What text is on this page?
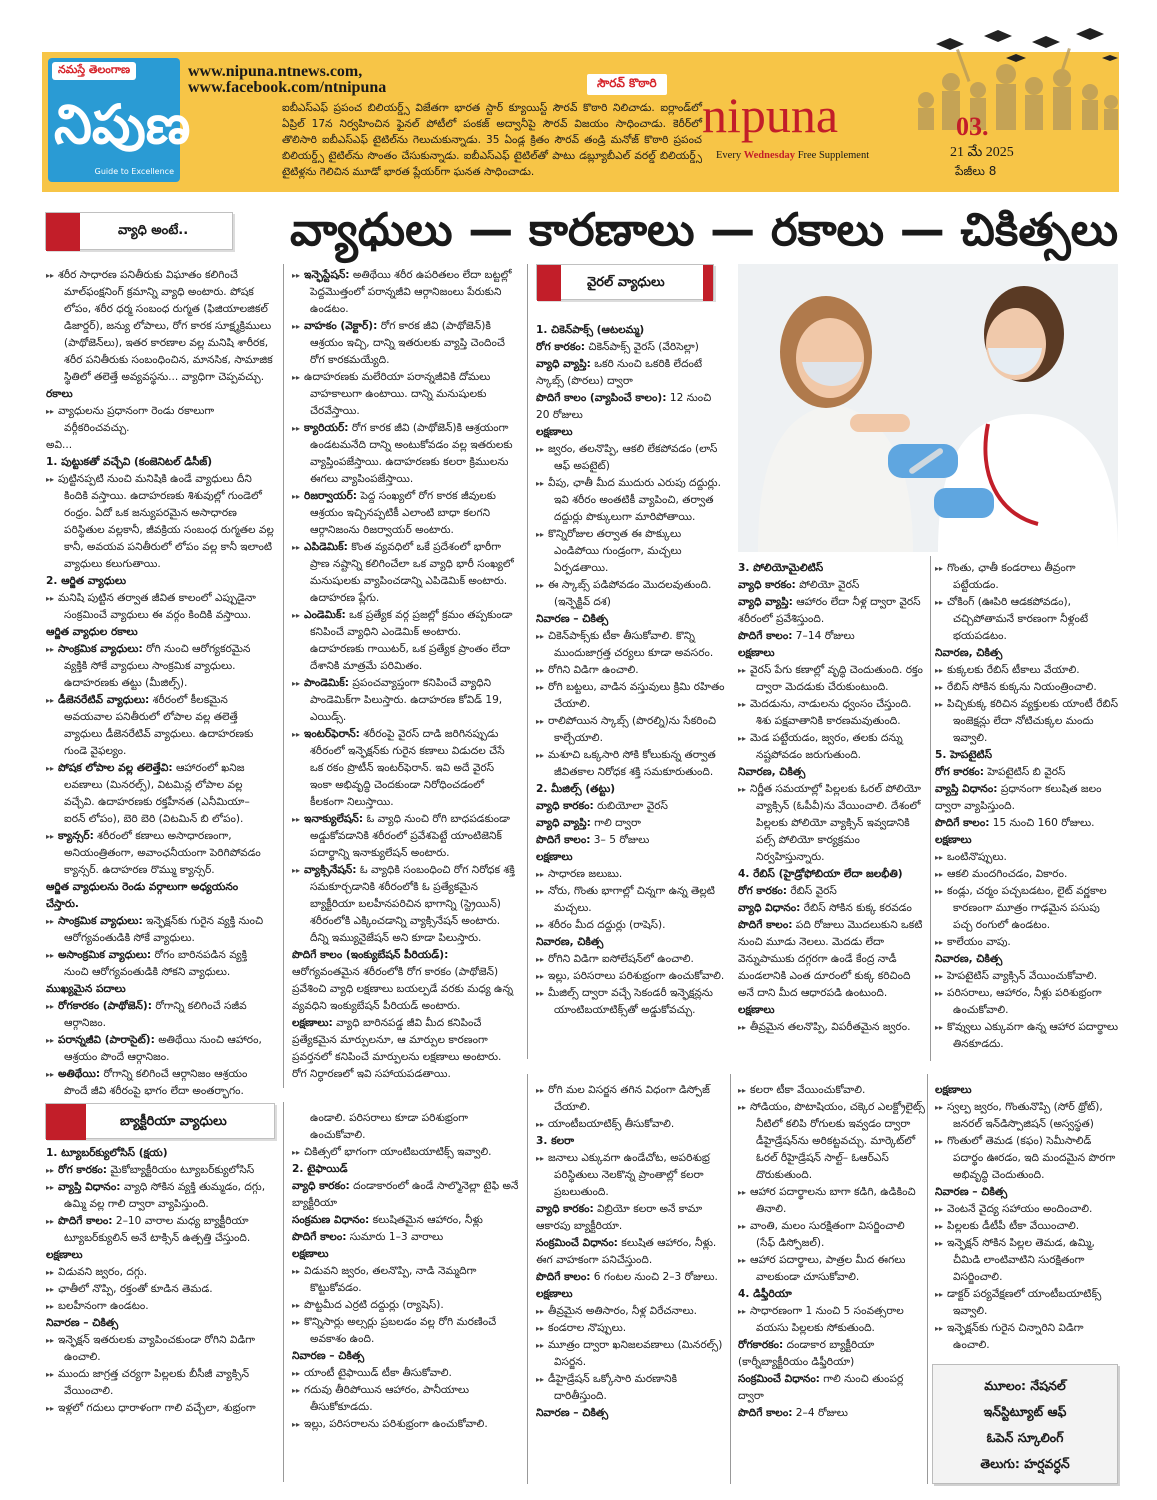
నమస్తే తెలంగాణ
నిపుణ
Guide to Excellence
www.nipuna.ntnews.com,
www.facebook.com/ntnipuna	సౌరవ్ కొఠారి
ఐబీఎస్‌ఎఫ్ ప్రపంచ బిలియర్డ్స్ విజేతగా భారత స్టార్ క్యూయిస్ట్ సౌరవ్ కొఠారి నిలిచాడు. ఐర్లాండ్‌లో ఏప్రిల్ 17న నిర్వహించిన ఫైనల్ పోటీలో పంకజ్ అద్వానీపై సౌరవ్ విజయం సాధించాడు. కెరీర్‌లో తొలిసారి ఐబీఎస్‌ఎఫ్ టైటిల్‌ను గెలుచుకున్నాడు. 35 ఏండ్ల క్రితం సౌరవ్ తండ్రి మనోజ్ కొఠారి ప్రపంచ బిలియర్డ్స్ టైటిల్‌ను సొంతం చేసుకున్నాడు. ఐబీఎస్‌ఎఫ్ టైటిల్‌తో పాటు డబ్ల్యూబీఎల్ వరల్డ్ బిలియర్డ్స్ టైటిళ్లను గెలిచిన మూడో భారత ప్లేయర్‌గా ఘనత సాధించాడు.
nipuna
Every Wednesday Free Supplement
03.
21 మే 2025
పేజీలు 8
వ్యాధి అంటే.. వ్యాధులు — కారణాలు — రకాలు — చికిత్సలు
వైరల్ వ్యాధులు

▸▸ శరీర సాధారణ పనితీరుకు విఘాతం కలిగించే మాల్‌ఫంక్షనింగ్ క్రమాన్ని వ్యాధి అంటారు. పోషక లోపం, శరీర ధర్మ సంబంధ రుగ్మత (ఫిజియాలజికల్ డిజార్డర్), జన్యు లోపాలు, రోగ కారక సూక్ష్మక్రిములు (పాథోజెన్‌లు), ఇతర కారణాల వల్ల మనిషి శారీరక, శరీర పనితీరుకు సంబంధించిన, మానసిక, సామాజిక స్థితిలో తలెత్తే అవ్యవస్థను... వ్యాధిగా చెప్పవచ్చు.

రకాలు

▸▸ వ్యాధులను ప్రధానంగా రెండు రకాలుగా వర్గీకరించవచ్చు.

అవి...

1. పుట్టుకతో వచ్చేవి (కంజెనిటల్ డిసీజ్)

▸▸ పుట్టినప్పటి నుంచి మనిషికి ఉండే వ్యాధులు దీని కిందికి వస్తాయి. ఉదాహరణకు శిశువుల్లో గుండెలో రంధ్రం. ఏదో ఒక జన్యుపరమైన అసాధారణ పరిస్థితుల వల్లకానీ, జీవక్రియ సంబంధ రుగ్మతల వల్ల కానీ, అవయవ పనితీరులో లోపం వల్ల కానీ ఇలాంటి వ్యాధులు కలుగుతాయి.

2. ఆర్జిత వ్యాధులు

▸▸ మనిషి పుట్టిన తర్వాత జీవిత కాలంలో ఎప్పుడైనా సంక్రమించే వ్యాధులు ఈ వర్గం కిందికి వస్తాయి.

ఆర్జిత వ్యాధుల రకాలు

▸▸ సాంక్రమిక వ్యాధులు: రోగి నుంచి ఆరోగ్యకరమైన వ్యక్తికి సోకే వ్యాధులు సాంక్రమిక వ్యాధులు. ఉదాహరణకు తట్టు (మీజిల్స్).

▸▸ డీజెనరేటివ్ వ్యాధులు: శరీరంలో కీలకమైన అవయవాల పనితీరులో లోపాల వల్ల తలెత్తే వ్యాధులు డీజెనరేటివ్ వ్యాధులు. ఉదాహరణకు గుండె వైఫల్యం.

▸▸ పోషక లోపాల వల్ల తలెత్తేవి: ఆహారంలో ఖనిజ లవణాలు (మినరల్స్), విటమిన్ల లోపాల వల్ల వచ్చేవి. ఉదాహరణకు రక్తహీనత (ఎనీమియా– ఐరన్ లోపం), బెరి బెరి (విటమిన్ బి లోపం).

▸▸ క్యాన్సర్: శరీరంలో కణాలు అసాధారణంగా, అనియంత్రితంగా, అవాంఛనీయంగా పెరిగిపోవడం క్యాన్సర్. ఉదాహరణ రొమ్ము క్యాన్సర్.

ఆర్జిత వ్యాధులను రెండు వర్గాలుగా అధ్యయనం చేస్తారు.

▸▸ సాంక్రమిక వ్యాధులు: ఇన్ఫెక్షన్‌కు గురైన వ్యక్తి నుంచి ఆరోగ్యవంతుడికి సోకే వ్యాధులు.

▸▸ అసాంక్రమిక వ్యాధులు: రోగం బారినపడిన వ్యక్తి నుంచి ఆరోగ్యవంతుడికి సోకని వ్యాధులు.

ముఖ్యమైన పదాలు

▸▸ రోగకారకం (పాథోజెన్): రోగాన్ని కలిగించే సజీవ ఆర్గానిజం.

▸▸ పరాన్నజీవి (పారాసైట్): అతిథేయి నుంచి ఆహారం, ఆశ్రయం పొందే ఆర్గానిజం.

▸▸ అతిథేయి: రోగాన్ని కలిగించే ఆర్గానిజం ఆశ్రయం పొందే జీవి శరీరంపై భాగం లేదా అంతర్భాగం.

▸▸ ఇన్ఫెస్టేషన్: అతిథేయి శరీర ఉపరితలం లేదా బట్టల్లో పెద్దమొత్తంలో పరాన్నజీవి ఆర్గానిజంలు పేరుకుని ఉండటం.

▸▸ వాహకం (వెక్టార్): రోగ కారక జీవి (పాథోజెన్)కి ఆశ్రయం ఇచ్చి, దాన్ని ఇతరులకు వ్యాప్తి చెందించే రోగ కారకమయ్యేది.

▸▸ ఉదాహరణకు మలేరియా పరాన్నజీవికి దోమలు వాహకాలుగా ఉంటాయి. దాన్ని మనుషులకు చేరవేస్తాయి.

▸▸ క్యారియర్: రోగ కారక జీవి (పాథోజెన్)కి ఆశ్రయంగా ఉండటమనేది దాన్ని అంటుకోవడం వల్ల ఇతరులకు వ్యాప్తింపజేస్తాయి. ఉదాహరణకు కలరా క్రిములను ఈగలు వ్యాపింపజేస్తాయి.

▸▸ రిజర్వాయర్: పెద్ద సంఖ్యలో రోగ కారక జీవులకు ఆశ్రయం ఇచ్చినప్పటికీ ఎలాంటి బాధా కలగని ఆర్గానిజంను రిజర్వాయర్ అంటారు.

▸▸ ఎపిడెమిక్: కొంత వ్యవధిలో ఒకే ప్రదేశంలో భారీగా ప్రాణ నష్టాన్ని కలిగించేలా ఒక వ్యాధి భారీ సంఖ్యలో మనుషులకు వ్యాపించడాన్ని ఎపిడెమిక్ అంటారు. ఉదాహరణ ప్లేగు.

▸▸ ఎండెమిక్: ఒక ప్రత్యేక వర్గ ప్రజల్లో క్రమం తప్పకుండా కనిపించే వ్యాధిని ఎండెమిక్ అంటారు. ఉదాహరణకు గాయిటర్, ఒక ప్రత్యేక ప్రాంతం లేదా దేశానికి మాత్రమే పరిమితం.

▸▸ పాండెమిక్: ప్రపంచవ్యాప్తంగా కనిపించే వ్యాధిని పాండెమిక్‌గా పిలుస్తారు. ఉదాహరణ కోవిడ్ 19, ఎయిడ్స్.

▸▸ ఇంటర్‌ఫెరాన్: శరీరంపై వైరస్ దాడి జరిగినప్పుడు శరీరంలో ఇన్ఫెక్షన్‌కు గురైన కణాలు విడుదల చేసే ఒక రకం ప్రొటీన్ ఇంటర్‌ఫెరాన్. ఇవి అదే వైరస్ ఇంకా అభివృద్ధి చెందకుండా నిరోధించడంలో కీలకంగా నిలుస్తాయి.

▸▸ ఇనాక్యులేషన్: ఓ వ్యాధి నుంచి రోగి బాధపడకుండా అడ్డుకోవడానికి శరీరంలో ప్రవేశపెట్టే యాంటిజెనిక్ పదార్థాన్ని ఇనాక్యులేషన్ అంటారు.

▸▸ వ్యాక్సినేషన్: ఓ వ్యాధికి సంబంధించి రోగ నిరోధక శక్తి సమకూర్చడానికి శరీరంలోకి ఓ ప్రత్యేకమైన బ్యాక్టీరియా బలహీనపరిచిన భాగాన్ని (స్ట్రెయిన్) శరీరంలోకి ఎక్కించడాన్ని వ్యాక్సినేషన్ అంటారు. దీన్ని ఇమ్యునైజేషన్ అని కూడా పిలుస్తారు.

పొదిగే కాలం (ఇంక్యుబేషన్ పీరియడ్): ఆరోగ్యవంతమైన శరీరంలోకి రోగ కారకం (పాథోజెన్) ప్రవేశించి వ్యాధి లక్షణాలు బయల్పడే వరకు మధ్య ఉన్న వ్యవధిని ఇంక్యుబేషన్ పీరియడ్ అంటారు.

లక్షణాలు: వ్యాధి బారినపడ్డ జీవి మీద కనిపించే ప్రత్యేకమైన మార్పులనూ, ఆ మార్పుల కారణంగా ప్రవర్తనలో కనిపించే మార్పులను లక్షణాలు అంటారు. రోగ నిర్ధారణలో ఇవి సహాయపడతాయి.

1. చికెన్‌పాక్స్ (ఆటలమ్మ)

రోగ కారకం: చికెన్‌పాక్స్ వైరస్ (వేరిసెల్లా)

వ్యాధి వ్యాప్తి: ఒకరి నుంచి ఒకరికి లేదంటే స్కాబ్స్ (పొరలు) ద్వారా

పొదిగే కాలం (వ్యాపించే కాలం): 12 నుంచి 20 రోజులు

లక్షణాలు

▸▸ జ్వరం, తలనొప్పి, ఆకలి లేకపోవడం (లాస్ ఆఫ్ అపటైట్)

▸▸ వీపు, ఛాతీ మీద ముదురు ఎరుపు దద్దుర్లు. ఇవి శరీరం అంతటికీ వ్యాపించి, తర్వాత దద్దుర్లు పొక్కులుగా మారిపోతాయి.

▸▸ కొన్నిరోజుల తర్వాత ఈ పొక్కులు ఎండిపోయి గుండ్రంగా, మచ్చలు ఏర్పడతాయి.

▸▸ ఈ స్కాబ్స్ పడిపోవడం మొదలవుతుంది. (ఇన్ఫెక్టివ్ దశ)

నివారణ – చికిత్స

▸▸ చికెన్‌పాక్స్‌కు టీకా తీసుకోవాలి. కొన్ని ముందుజాగ్రత్త చర్యలు కూడా అవసరం.

▸▸ రోగిని విడిగా ఉంచాలి.

▸▸ రోగి బట్టలు, వాడిన వస్తువులు క్రిమి రహితం చేయాలి.

▸▸ రాలిపోయిన స్కాబ్స్ (పొరల్ని)ను సేకరించి కాల్చేయాలి.

▸▸ మశూచి ఒక్కసారి సోకి కోలుకున్న తర్వాత జీవితకాల నిరోధక శక్తి సమకూరుతుంది.

2. మీజిల్స్ (తట్టు)

వ్యాధి కారకం: రుబియోలా వైరస్

వ్యాధి వ్యాప్తి: గాలి ద్వారా

పొదిగే కాలం: 3– 5 రోజులు

లక్షణాలు

▸▸ సాధారణ జలుబు.

▸▸ నోరు, గొంతు భాగాల్లో చిన్నగా ఉన్న తెల్లటి మచ్చలు.

▸▸ శరీరం మీద దద్దుర్లు (రాషెస్).

నివారణ, చికిత్స

▸▸ రోగిని విడిగా ఐసోలేషన్‌లో ఉంచాలి.

▸▸ ఇల్లు, పరిసరాలు పరిశుభ్రంగా ఉంచుకోవాలి.

▸▸ మీజిల్స్ ద్వారా వచ్చే సెకండరీ ఇన్ఫెక్షన్లను యాంటిబయాటిక్స్‌తో అడ్డుకోవచ్చు.

3. పోలియోమైలిటిస్

వ్యాధి కారకం: పోలియో వైరస్

వ్యాధి వ్యాప్తి: ఆహారం లేదా నీళ్ల ద్వారా వైరస్ శరీరంలో ప్రవేశిస్తుంది.

పొదిగే కాలం: 7–14 రోజులు

లక్షణాలు

▸▸ వైరస్ పేగు కణాల్లో వృద్ధి చెందుతుంది. రక్తం ద్వారా మెదడుకు చేరుకుంటుంది.

▸▸ మెదడును, నాడులను ధ్వంసం చేస్తుంది. శిశు పక్షవాతానికి కారణమవుతుంది.

▸▸ మెడ పట్టేయడం, జ్వరం, తలకు దన్ను నష్టపోవడం జరుగుతుంది.

నివారణ, చికిత్స

▸▸ నిర్ణీత సమయాల్లో పిల్లలకు ఓరల్ పోలియో వ్యాక్సిన్ (ఓపీవీ)ను వేయించాలి. దేశంలో పిల్లలకు పోలియో వ్యాక్సిన్ ఇవ్వడానికి పల్స్ పోలియో కార్యక్రమం నిర్వహిస్తున్నారు.

4. రేబిస్ (హైడ్రోఫోబియా లేదా జలభీతి)

రోగ కారకం: రేబిస్ వైరస్

వ్యాధి విధానం: రేబిస్ సోకిన కుక్క కరవడం

పొదిగే కాలం: పది రోజులు మొదలుకుని ఒకటి నుంచి మూడు నెలలు. మెదడు లేదా వెన్నుపాముకు దగ్గరగా ఉండే కేంద్ర నాడీ మండలానికి ఎంత దూరంలో కుక్క కరిచింది అనే దాని మీద ఆధారపడి ఉంటుంది.

లక్షణాలు

▸▸ తీవ్రమైన తలనొప్పి, విపరీతమైన జ్వరం.

▸▸ గొంతు, ఛాతీ కండరాలు తీవ్రంగా పట్టేయడం.

▸▸ చోకింగ్ (ఊపిరి ఆడకపోవడం), చచ్చిపోతామనే కారణంగా నీళ్లంటే భయపడటం.

నివారణ, చికిత్స

▸▸ కుక్కలకు రేబిస్ టీకాలు వేయాలి.

▸▸ రేబిస్ సోకిన కుక్కను నియంత్రించాలి.

▸▸ పిచ్చికుక్క కరిచిన వ్యక్తులకు యాంటీ రేబిస్ ఇంజెక్షన్లు లేదా నోటిచుక్కల మందు ఇవ్వాలి.

5. హెపటైటిస్

రోగ కారకం: హెపటైటిస్ బి వైరస్

వ్యాప్తి విధానం: ప్రధానంగా కలుషిత జలం ద్వారా వ్యాపిస్తుంది.

పొదిగే కాలం: 15 నుంచి 160 రోజులు.

లక్షణాలు

▸▸ ఒంటినొప్పులు.

▸▸ ఆకలి మందగించడం, వికారం.

▸▸ కండ్లు, చర్మం పచ్చబడటం, లైట్ వర్ణకాల కారణంగా మూత్రం గాఢమైన పసుపు పచ్చ రంగులో ఉండటం.

▸▸ కాలేయం వాపు.

నివారణ, చికిత్స

▸▸ హెపటైటిస్ వ్యాక్సిన్ వేయించుకోవాలి.

▸▸ పరిసరాలు, ఆహారం, నీళ్లు పరిశుభ్రంగా ఉంచుకోవాలి.

▸▸ కొవ్వులు ఎక్కువగా ఉన్న ఆహార పదార్థాలు తినకూడదు.

బ్యాక్టీరియా వ్యాధులు

1. ట్యూబర్‌క్యులోసిస్ (క్షయ)

▸▸ రోగ కారకం: మైకోబ్యాక్టీరియం ట్యూబర్‌క్యులోసిస్

▸▸ వ్యాప్తి విధానం: వ్యాధి సోకిన వ్యక్తి తుమ్మడం, దగ్గు, ఉమ్మి వల్ల గాలి ద్వారా వ్యాపిస్తుంది.

▸▸ పొదిగే కాలం: 2–10 వారాల మధ్య బ్యాక్టీరియా ట్యూబర్‌క్యులిన్ అనే టాక్సిన్ ఉత్పత్తి చేస్తుంది.

లక్షణాలు

▸▸ విడువని జ్వరం, దగ్గు.

▸▸ ఛాతీలో నొప్పి, రక్తంతో కూడిన తెమడ.

▸▸ బలహీనంగా ఉండటం.

నివారణ – చికిత్స

▸▸ ఇన్ఫెక్షన్ ఇతరులకు వ్యాపించకుండా రోగిని విడిగా ఉంచాలి.

▸▸ ముందు జాగ్రత్త చర్యగా పిల్లలకు బీసీజీ వ్యాక్సిన్ వేయించాలి.

▸▸ ఇళ్లలో గదులు ధారాళంగా గాలి వచ్చేలా, శుభ్రంగా

ఉండాలి. పరిసరాలు కూడా పరిశుభ్రంగా ఉంచుకోవాలి.

▸▸ చికిత్సలో భాగంగా యాంటిబయాటిక్స్ ఇవ్వాలి.

2. టైఫాయిడ్

వ్యాధి కారకం: దండాకారంలో ఉండే సాల్మొనెల్లా టైఫి అనే బ్యాక్టీరియా

సంక్రమణ విధానం: కలుషితమైన ఆహారం, నీళ్లు

పొదిగే కాలం: సుమారు 1–3 వారాలు

లక్షణాలు

▸▸ విడువని జ్వరం, తలనొప్పి, నాడి నెమ్మదిగా కొట్టుకోవడం.

▸▸ పొట్టమీద ఎర్రటి దద్దుర్లు (ర్యాషెస్).

▸▸ కొన్నిసార్లు అల్సర్లు ప్రబలడం వల్ల రోగి మరణించే అవకాశం ఉంది.

నివారణ – చికిత్స

▸▸ యాంటీ టైఫాయిడ్ టీకా తీసుకోవాలి.

▸▸ గదువు తీరిపోయిన ఆహారం, పానీయాలు తీసుకోకూడదు.

▸▸ ఇల్లు, పరిసరాలను పరిశుభ్రంగా ఉంచుకోవాలి.

▸▸ రోగి మల విసర్జన తగిన విధంగా డిస్పోజ్ చేయాలి.

▸▸ యాంటీబయాటిక్స్ తీసుకోవాలి.

3. కలరా

▸▸ జనాలు ఎక్కువగా ఉండేచోట, అపరిశుభ్ర పరిస్థితులు నెలకొన్న ప్రాంతాల్లో కలరా ప్రబలుతుంది.

వ్యాధి కారకం: విబ్రియో కలరా అనే కామా ఆకారపు బ్యాక్టీరియా.

సంక్రమించే విధానం: కలుషిత ఆహారం, నీళ్లు. ఈగ వాహకంగా పనిచేస్తుంది.

పొదిగే కాలం: 6 గంటల నుంచి 2–3 రోజులు.

లక్షణాలు

▸▸ తీవ్రమైన అతిసారం, నీళ్ల విరేచనాలు.

▸▸ కండరాల నొప్పులు.

▸▸ మూత్రం ద్వారా ఖనిజలవణాలు (మినరల్స్) విసర్జన.

▸▸ డీహైడ్రేషన్ ఒక్కోసారి మరణానికి దారితీస్తుంది.

నివారణ – చికిత్స

▸▸ కలరా టీకా వేయించుకోవాలి.

▸▸ సోడియం, పొటాషియం, చక్కెర ఎలక్ట్రోలైట్స్ నీటిలో కలిపి రోగులకు ఇవ్వడం ద్వారా డీహైడ్రేషన్‌ను అరికట్టవచ్చు. మార్కెట్‌లో ఓరల్ రీహైడ్రేషన్ సాల్ట్– ఓఆర్ఎస్ దొరుకుతుంది.

▸▸ ఆహార పదార్థాలను బాగా కడిగి, ఉడికించి తినాలి.

▸▸ వాంతి, మలం సురక్షితంగా విసర్జించాలి (సేఫ్ డిస్పోజల్).

▸▸ ఆహార పదార్థాలు, పాత్రల మీద ఈగలు వాలకుండా చూసుకోవాలి.

4. డిఫ్తీరియా

▸▸ సాధారణంగా 1 నుంచి 5 సంవత్సరాల వయసు పిల్లలకు సోకుతుంది.

రోగకారకం: దండాకార బ్యాక్టీరియా (కార్నీబ్యాక్టీరియం డిఫ్తీరియా)

సంక్రమించే విధానం: గాలి నుంచి తుంపర్ల ద్వారా

పొదిగే కాలం: 2–4 రోజులు

లక్షణాలు

▸▸ స్వల్ప జ్వరం, గొంతునొప్పి (సోర్ థ్రోట్), జనరల్ ఇన్‌డిస్పొజిషన్ (అస్వస్థత)

▸▸ గొంతులో తెమడ (కఫం) సెమీసాలిడ్ పదార్థం ఊరడం, ఇది మందమైన పొరగా అభివృద్ధి చెందుతుంది.

నివారణ – చికిత్స

▸▸ వెంటనే వైద్య సహాయం అందించాలి.

▸▸ పిల్లలకు డీటీపీ టీకా వేయించాలి.

▸▸ ఇన్ఫెక్షన్ సోకిన పిల్లల తెమడ, ఉమ్మి, చీమిడి లాంటివాటిని సురక్షితంగా విసర్జించాలి.

▸▸ డాక్టర్ పర్యవేక్షణలో యాంటీబయాటిక్స్ ఇవ్వాలి.

▸▸ ఇన్ఫెక్షన్‌కు గురైన చిన్నారిని విడిగా ఉంచాలి.

మూలం: నేషనల్
ఇన్‌స్టిట్యూట్ ఆఫ్
ఓపెన్ స్కూలింగ్
తెలుగు: హర్షవర్ధన్
